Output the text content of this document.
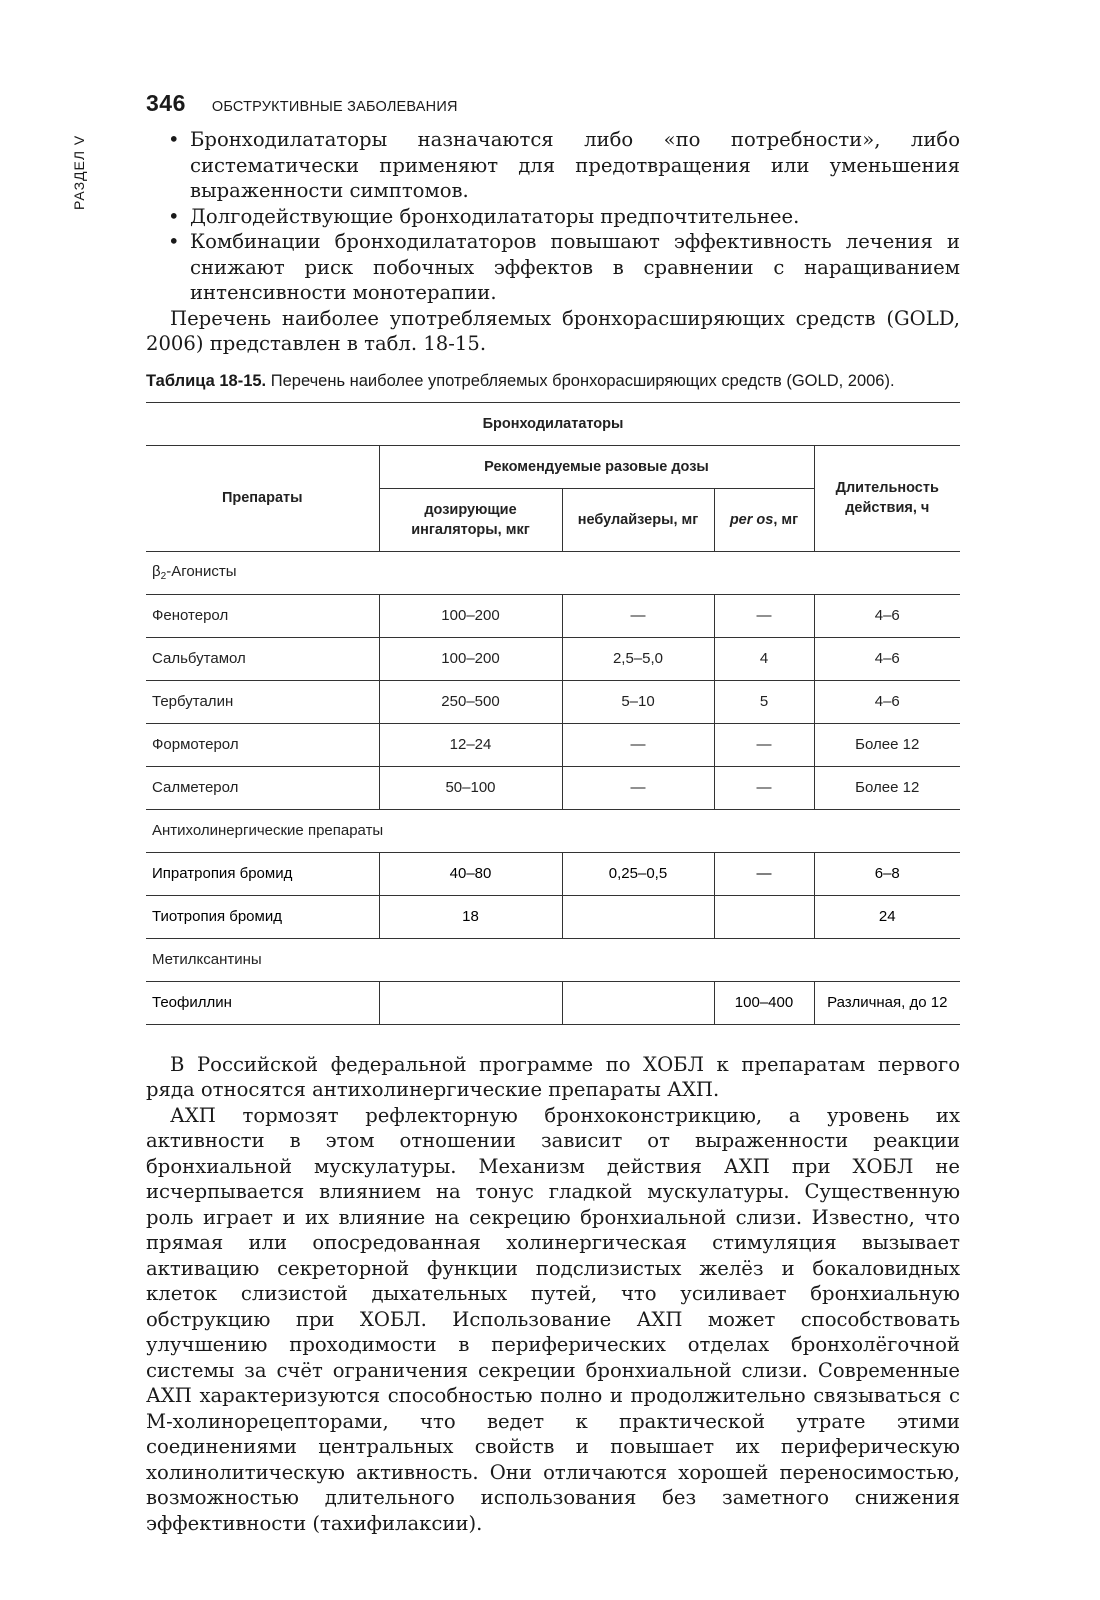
РАЗДЕЛ V
346 ОБСТРУКТИВНЫЕ ЗАБОЛЕВАНИЯ
• Бронходилататоры назначаются либо «по потребности», либо систематически применяют для предотвращения или уменьшения выраженности симптомов.
• Долгодействующие бронходилататоры предпочтительнее.
• Комбинации бронходилататоров повышают эффективность лечения и снижают риск побочных эффектов в сравнении с наращиванием интенсивности монотерапии.

Перечень наиболее употребляемых бронхорасширяющих средств (GOLD, 2006) представлен в табл. 18-15.

Таблица 18-15. Перечень наиболее употребляемых бронхорасширяющих средств (GOLD, 2006).
Бронходилататоры				
Препараты	Рекомендуемые разовые дозы			Длительность действия, ч
	дозирующие ингаляторы, мкг	небулайзеры, мг	per os, мг	
$\beta_2$-Агонисты				
Фенотерол	100–200	—	—	4–6
Сальбутамол	100–200	2,5–5,0	4	4–6
Тербуталин	250–500	5–10	5	4–6
Формотерол	12–24	—	—	Более 12
Салметерол	50–100	—	—	Более 12
Антихолинергические препараты				
Ипратропия бромид	40–80	0,25–0,5	—	6–8
Тиотропия бромид	18			24
Метилксантины				
Теофиллин			100–400	Различная, до 12

В Российской федеральной программе по ХОБЛ к препаратам первого ряда относятся антихолинергические препараты АХП.

АХП тормозят рефлекторную бронхоконстрикцию, а уровень их активности в этом отношении зависит от выраженности реакции бронхиальной мускулатуры. Механизм действия АХП при ХОБЛ не исчерпывается влиянием на тонус гладкой мускулатуры. Существенную роль играет и их влияние на секрецию бронхиальной слизи. Известно, что прямая или опосредованная холинергическая стимуляция вызывает активацию секреторной функции подслизистых желёз и бокаловидных клеток слизистой дыхательных путей, что усиливает бронхиальную обструкцию при ХОБЛ. Использование АХП может способствовать улучшению проходимости в периферических отделах бронхолёгочной системы за счёт ограничения секреции бронхиальной слизи. Современные АХП характеризуются способностью полно и продолжительно связываться с М-холинорецепторами, что ведет к практической утрате этими соединениями центральных свойств и повышает их периферическую холинолитическую активность. Они отличаются хорошей переносимостью, возможностью длительного использования без заметного снижения эффективности (тахифилаксии).
